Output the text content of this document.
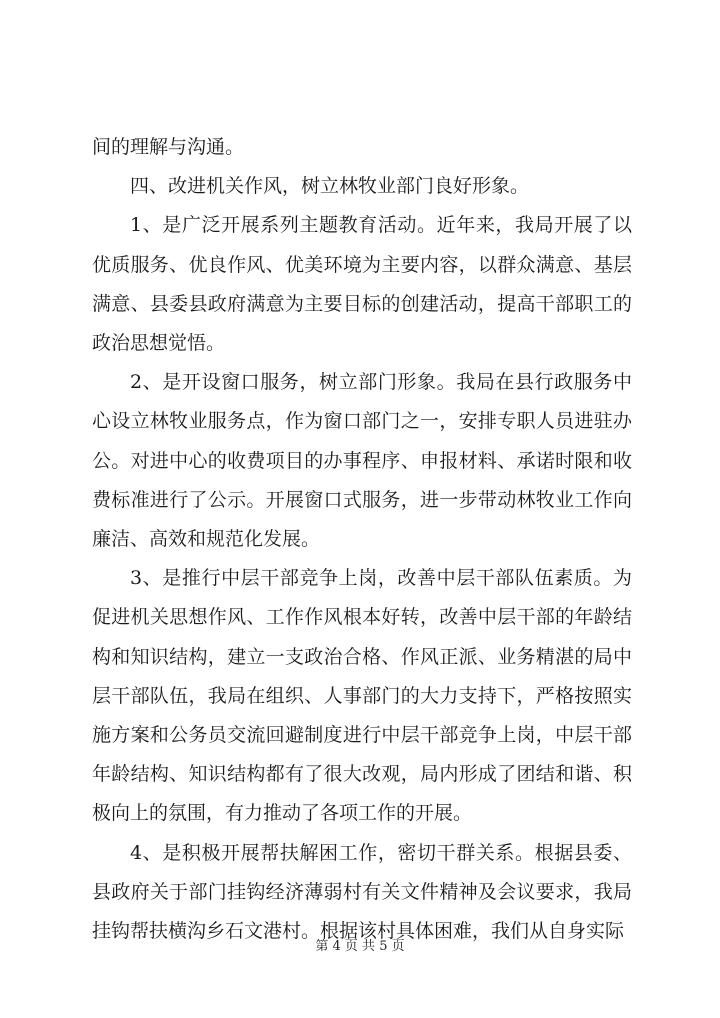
间的理解与沟通。

四、改进机关作风，树立林牧业部门良好形象。

1、是广泛开展系列主题教育活动。近年来，我局开展了以优质服务、优良作风、优美环境为主要内容，以群众满意、基层满意、县委县政府满意为主要目标的创建活动，提高干部职工的政治思想觉悟。

2、是开设窗口服务，树立部门形象。我局在县行政服务中心设立林牧业服务点，作为窗口部门之一，安排专职人员进驻办公。对进中心的收费项目的办事程序、申报材料、承诺时限和收费标准进行了公示。开展窗口式服务，进一步带动林牧业工作向廉洁、高效和规范化发展。

3、是推行中层干部竞争上岗，改善中层干部队伍素质。为促进机关思想作风、工作作风根本好转，改善中层干部的年龄结构和知识结构，建立一支政治合格、作风正派、业务精湛的局中层干部队伍，我局在组织、人事部门的大力支持下，严格按照实施方案和公务员交流回避制度进行中层干部竞争上岗，中层干部年龄结构、知识结构都有了很大改观，局内形成了团结和谐、积极向上的氛围，有力推动了各项工作的开展。

4、是积极开展帮扶解困工作，密切干群关系。根据县委、县政府关于部门挂钩经济薄弱村有关文件精神及会议要求，我局挂钩帮扶横沟乡石文港村。根据该村具体困难，我们从自身实际

第 4 页 共 5 页
